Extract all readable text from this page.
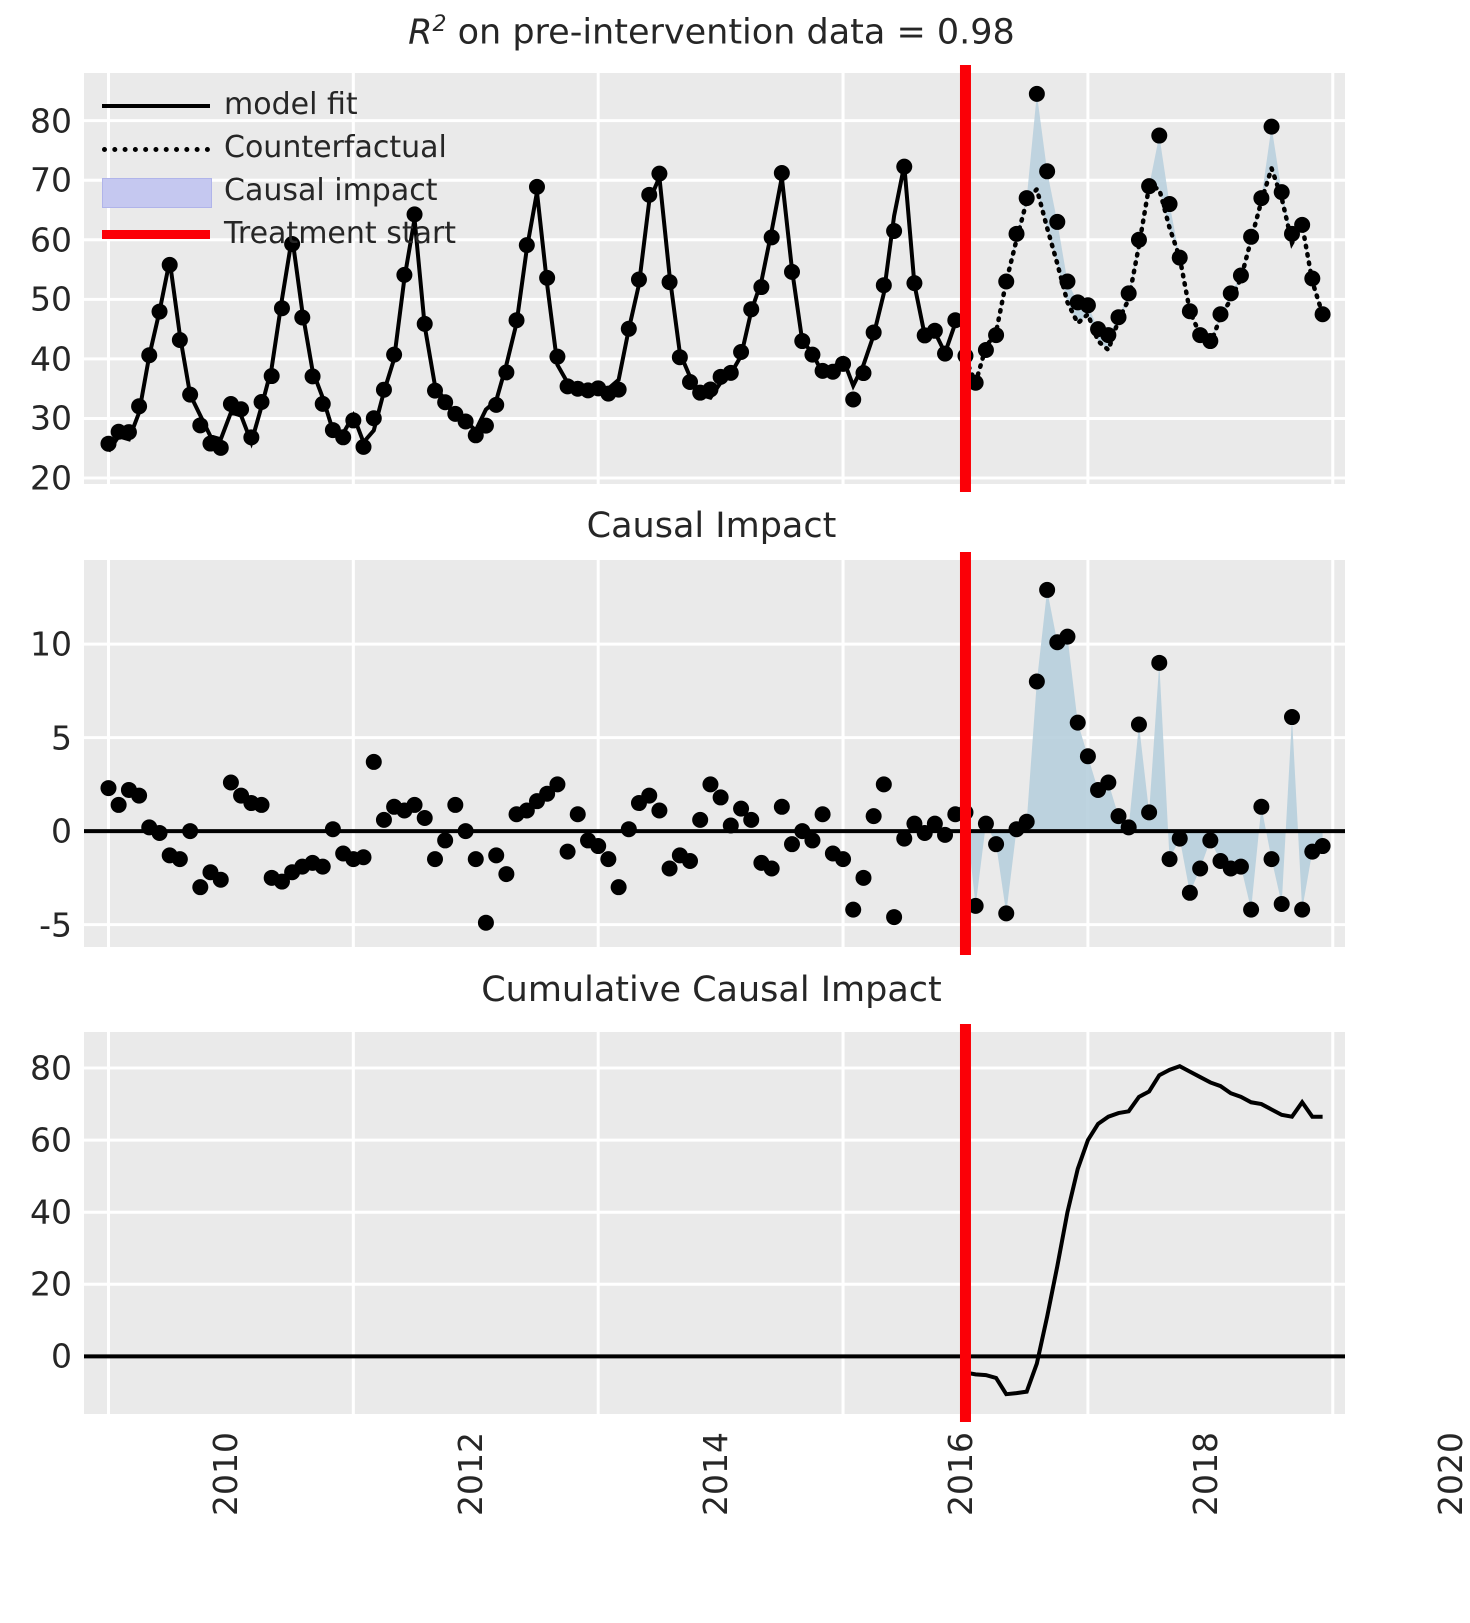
$R^2$ on pre-intervention data = 0.98
80
70
60
50
40
30
20
model fit
Counterfactual
Causal impact
Treatment start
Causal Impact
10
5
0
-5
Cumulative Causal Impact
80
60
40
20
0
2010	2012	2014	2016	2018	2020
